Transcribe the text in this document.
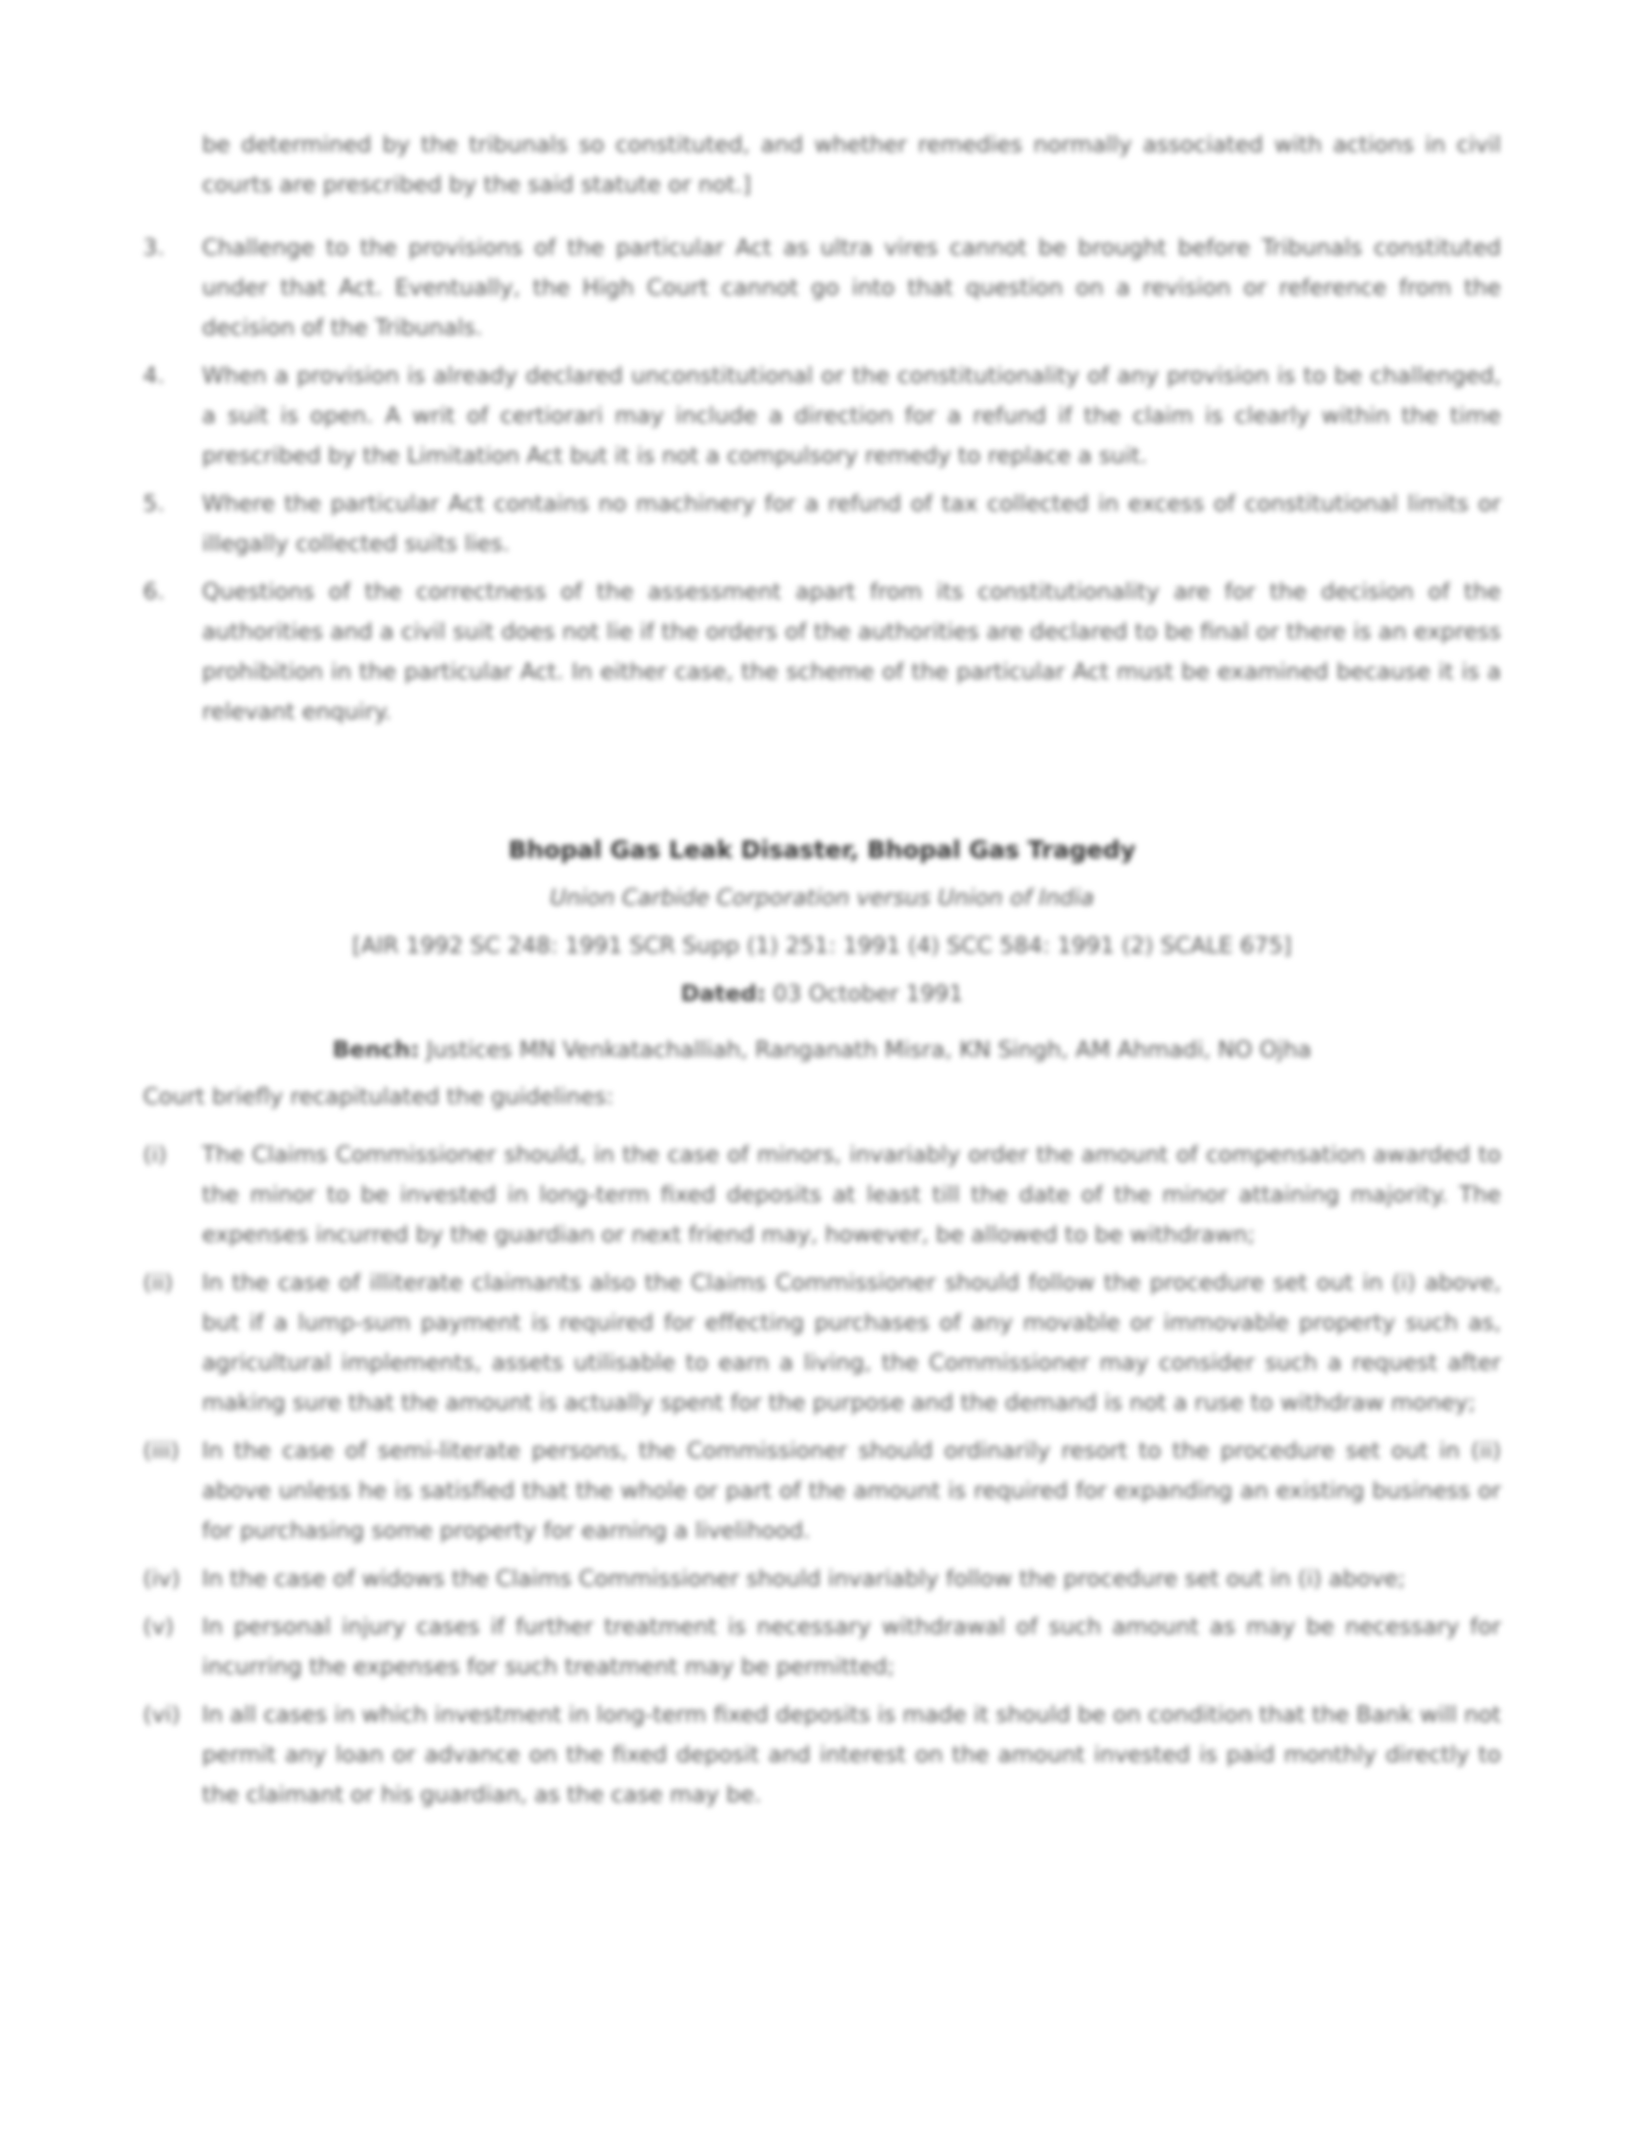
be determined by the tribunals so constituted, and whether remedies normally associated with actions in civil courts are prescribed by the said statute or not.]
3. Challenge to the provisions of the particular Act as ultra vires cannot be brought before Tribunals constituted under that Act. Eventually, the High Court cannot go into that question on a revision or reference from the decision of the Tribunals.
4. When a provision is already declared unconstitutional or the constitutionality of any provision is to be challenged, a suit is open. A writ of certiorari may include a direction for a refund if the claim is clearly within the time prescribed by the Limitation Act but it is not a compulsory remedy to replace a suit.
5. Where the particular Act contains no machinery for a refund of tax collected in excess of constitutional limits or illegally collected suits lies.
6. Questions of the correctness of the assessment apart from its constitutionality are for the decision of the authorities and a civil suit does not lie if the orders of the authorities are declared to be final or there is an express prohibition in the particular Act. In either case, the scheme of the particular Act must be examined because it is a relevant enquiry.
Bhopal Gas Leak Disaster, Bhopal Gas Tragedy
Union Carbide Corporation versus Union of India
[AIR 1992 SC 248: 1991 SCR Supp (1) 251: 1991 (4) SCC 584: 1991 (2) SCALE 675]
Dated: 03 October 1991
Bench: Justices MN Venkatachalliah, Ranganath Misra, KN Singh, AM Ahmadi, NO Ojha
Court briefly recapitulated the guidelines:
(i) The Claims Commissioner should, in the case of minors, invariably order the amount of compensation awarded to the minor to be invested in long-term fixed deposits at least till the date of the minor attaining majority. The expenses incurred by the guardian or next friend may, however, be allowed to be withdrawn;
(ii) In the case of illiterate claimants also the Claims Commissioner should follow the procedure set out in (i) above, but if a lump-sum payment is required for effecting purchases of any movable or immovable property such as, agricultural implements, assets utilisable to earn a living, the Commissioner may consider such a request after making sure that the amount is actually spent for the purpose and the demand is not a ruse to withdraw money;
(iii) In the case of semi-literate persons, the Commissioner should ordinarily resort to the procedure set out in (ii) above unless he is satisfied that the whole or part of the amount is required for expanding an existing business or for purchasing some property for earning a livelihood.
(iv) In the case of widows the Claims Commissioner should invariably follow the procedure set out in (i) above;
(v) In personal injury cases if further treatment is necessary withdrawal of such amount as may be necessary for incurring the expenses for such treatment may be permitted;
(vi) In all cases in which investment in long-term fixed deposits is made it should be on condition that the Bank will not permit any loan or advance on the fixed deposit and interest on the amount invested is paid monthly directly to the claimant or his guardian, as the case may be.
